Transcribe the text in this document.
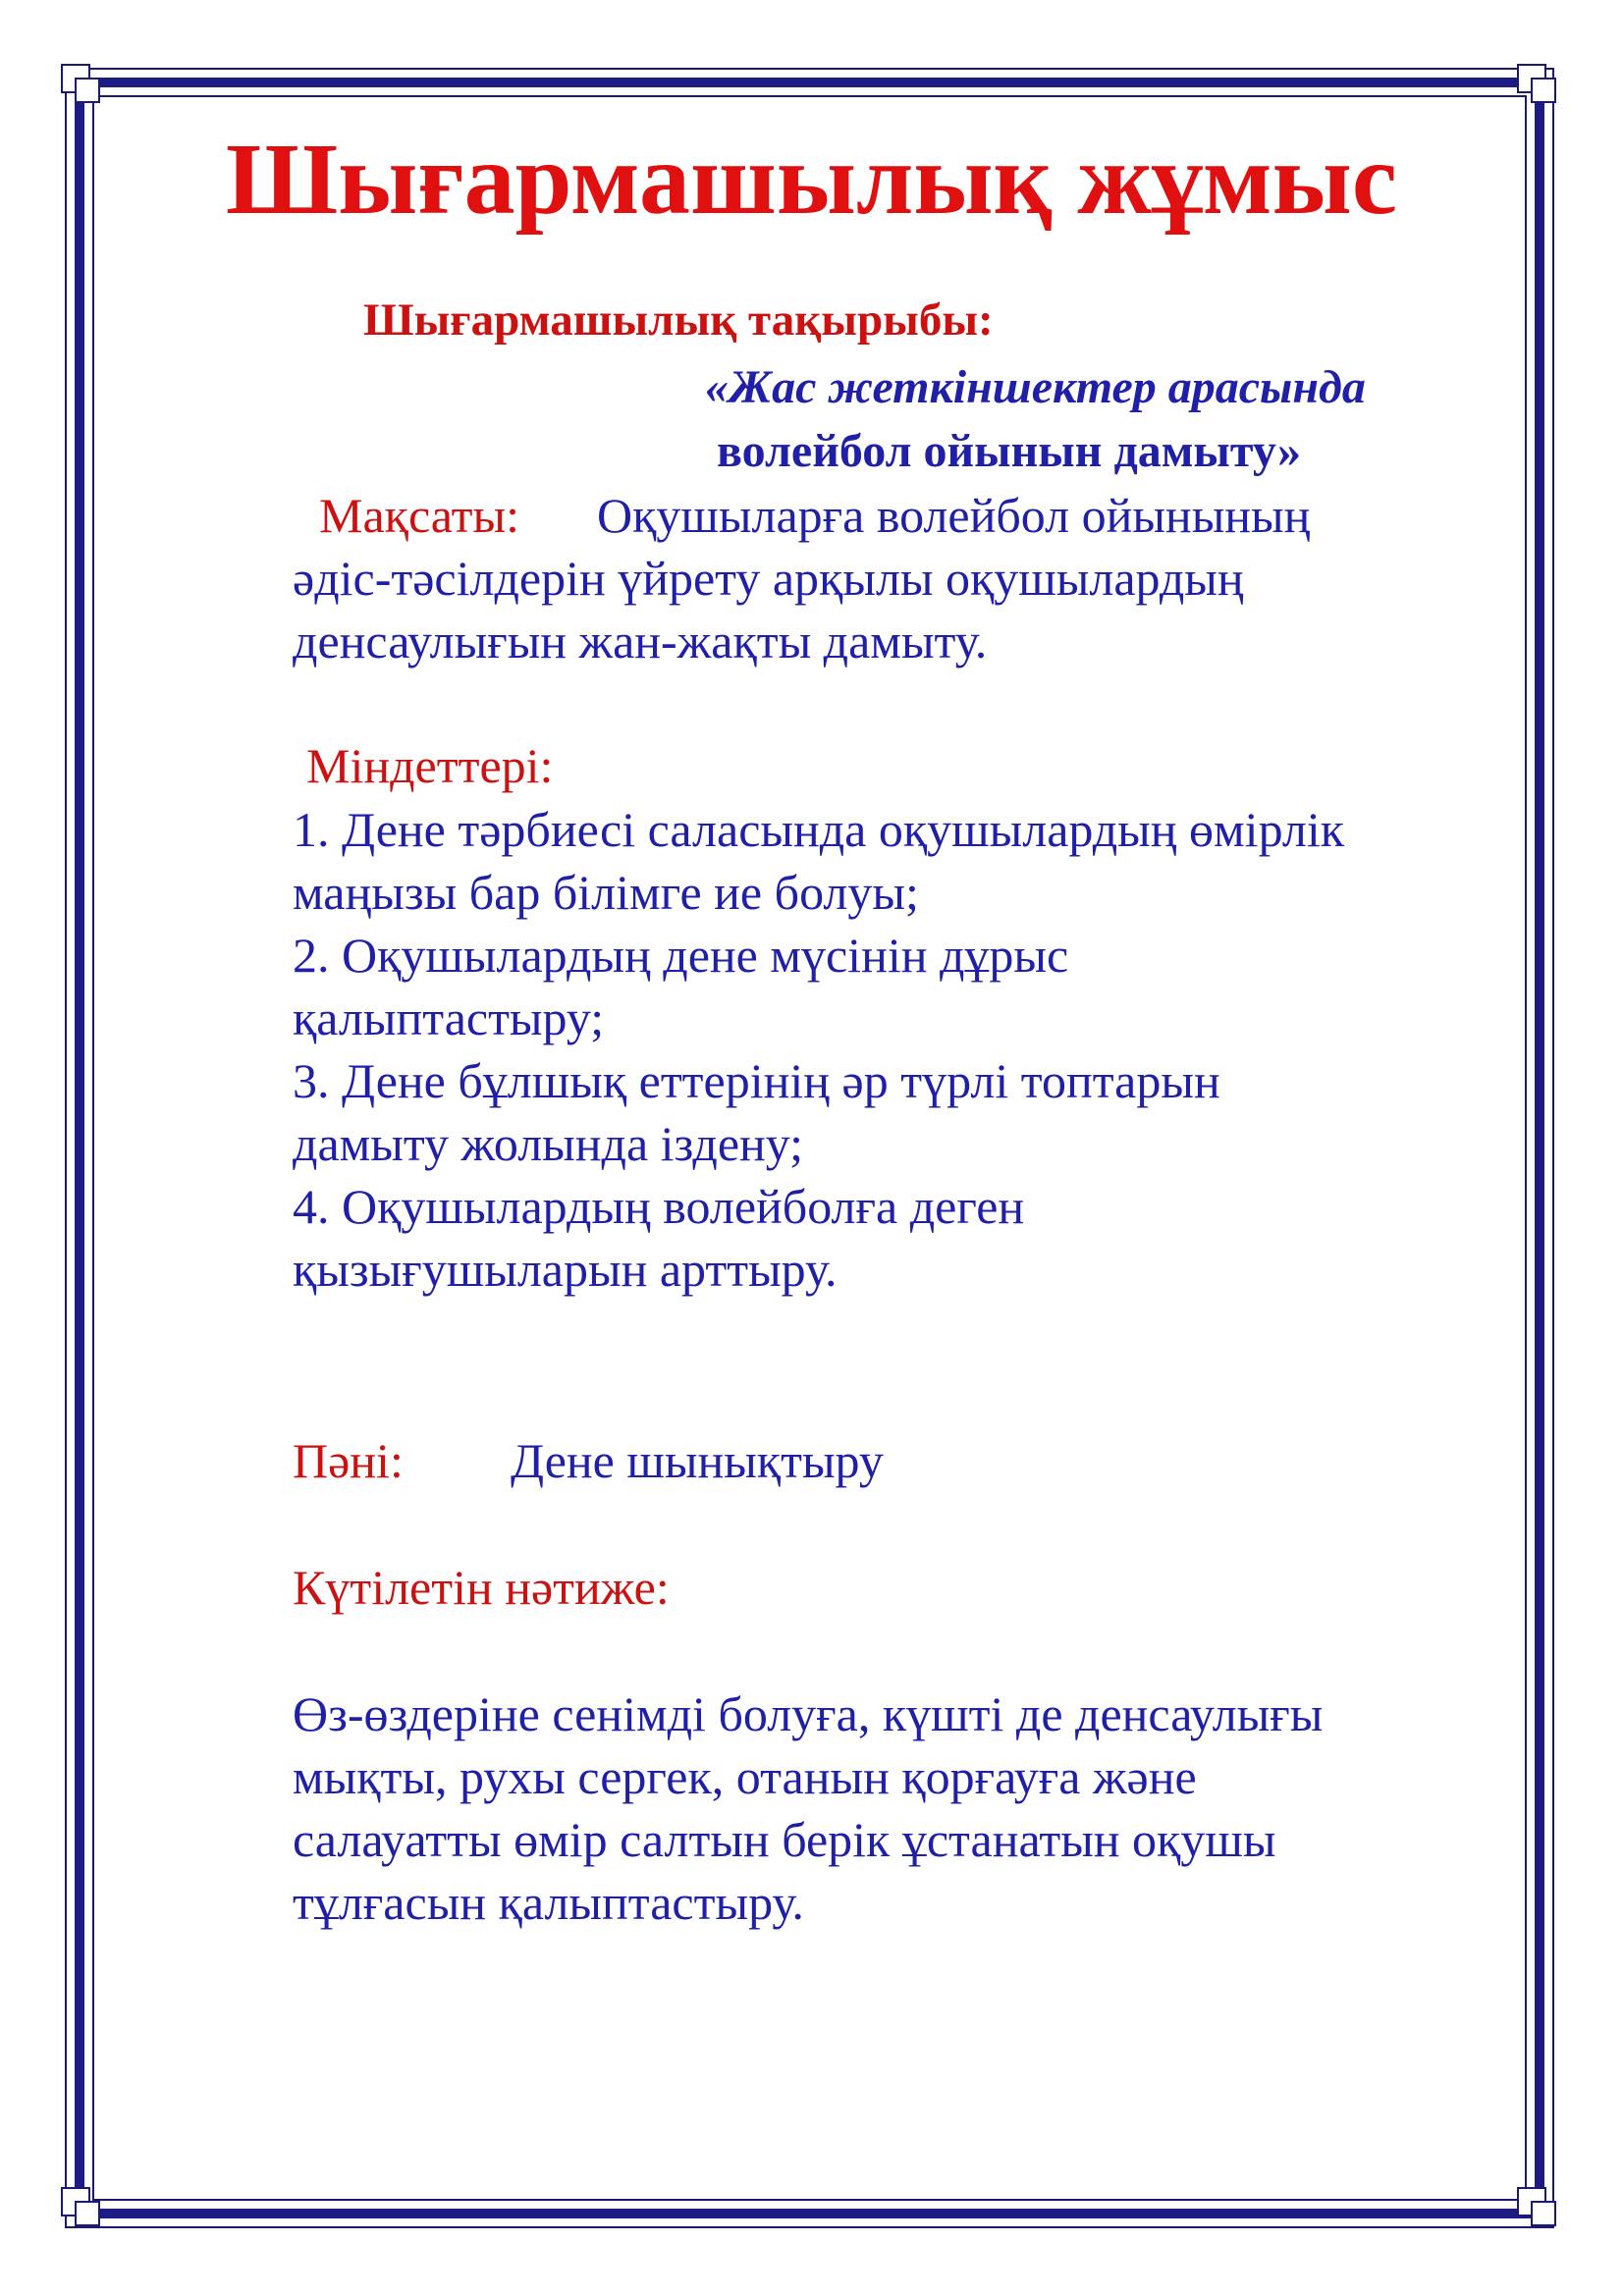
Шығармашылық жұмыс
Шығармашылық тақырыбы:
«Жас жеткіншектер арасында
волейбол ойынын дамыту»
Мақсаты: Оқушыларға волейбол ойынының
әдіс-тәсілдерін үйрету арқылы оқушылардың
денсаулығын жан-жақты дамыту.
Міндеттері:
1. Дене тәрбиесі саласында оқушылардың өмірлік
маңызы бар білімге ие болуы;
2. Оқушылардың дене мүсінін дұрыс
қалыптастыру;
3. Дене бұлшық еттерінің әр түрлі топтарын
дамыту жолында іздену;
4. Оқушылардың волейболға деген
қызығушыларын арттыру.
Пәні: Дене шынықтыру
Күтілетін нәтиже:
Өз-өздеріне сенімді болуға, күшті де денсаулығы
мықты, рухы сергек, отанын қорғауға және
салауатты өмір салтын берік ұстанатын оқушы
тұлғасын қалыптастыру.
